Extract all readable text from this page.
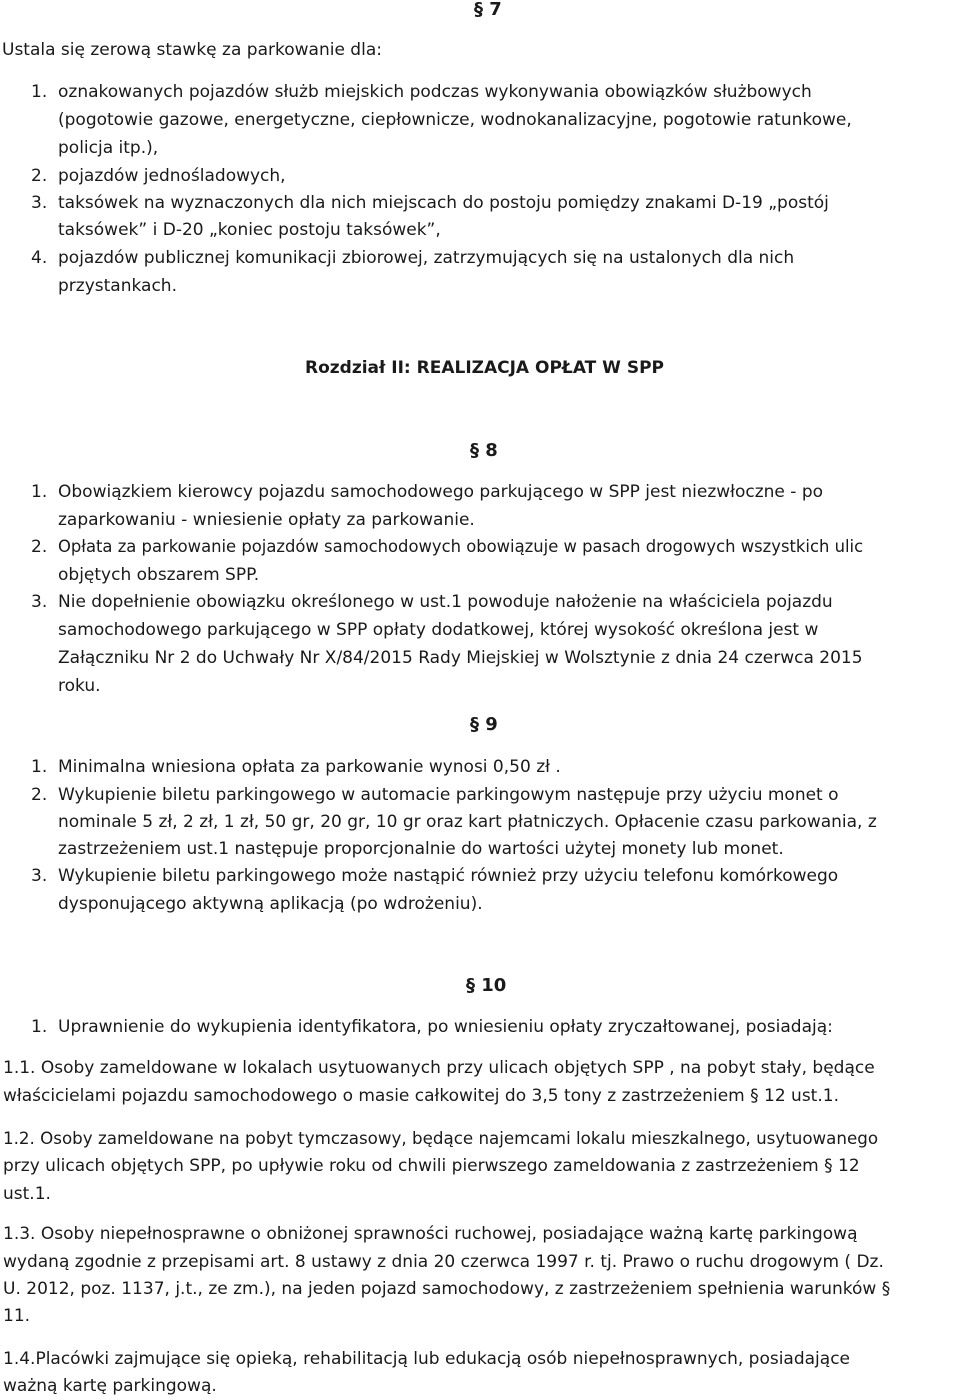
§ 7
Ustala się zerową stawkę za parkowanie dla:
1. oznakowanych pojazdów służb miejskich podczas wykonywania obowiązków służbowych
(pogotowie gazowe, energetyczne, ciepłownicze, wodnokanalizacyjne, pogotowie ratunkowe,
policja itp.),
2. pojazdów jednośladowych,
3. taksówek na wyznaczonych dla nich miejscach do postoju pomiędzy znakami D-19 „postój
taksówek” i D-20 „koniec postoju taksówek”,
4. pojazdów publicznej komunikacji zbiorowej, zatrzymujących się na ustalonych dla nich
przystankach.
Rozdział II: REALIZACJA OPŁAT W SPP
§ 8
1. Obowiązkiem kierowcy pojazdu samochodowego parkującego w SPP jest niezwłoczne - po
zaparkowaniu - wniesienie opłaty za parkowanie.
2. Opłata za parkowanie pojazdów samochodowych obowiązuje w pasach drogowych wszystkich ulic
objętych obszarem SPP.
3. Nie dopełnienie obowiązku określonego w ust.1 powoduje nałożenie na właściciela pojazdu
samochodowego parkującego w SPP opłaty dodatkowej, której wysokość określona jest w
Załączniku Nr 2 do Uchwały Nr X/84/2015 Rady Miejskiej w Wolsztynie z dnia 24 czerwca 2015
roku.
§ 9
1. Minimalna wniesiona opłata za parkowanie wynosi 0,50 zł .
2. Wykupienie biletu parkingowego w automacie parkingowym następuje przy użyciu monet o
nominale 5 zł, 2 zł, 1 zł, 50 gr, 20 gr, 10 gr oraz kart płatniczych. Opłacenie czasu parkowania, z
zastrzeżeniem ust.1 następuje proporcjonalnie do wartości użytej monety lub monet.
3. Wykupienie biletu parkingowego może nastąpić również przy użyciu telefonu komórkowego
dysponującego aktywną aplikacją (po wdrożeniu).
§ 10
1. Uprawnienie do wykupienia identyfikatora, po wniesieniu opłaty zryczałtowanej, posiadają:
1.1. Osoby zameldowane w lokalach usytuowanych przy ulicach objętych SPP , na pobyt stały, będące
właścicielami pojazdu samochodowego o masie całkowitej do 3,5 tony z zastrzeżeniem § 12 ust.1.
1.2. Osoby zameldowane na pobyt tymczasowy, będące najemcami lokalu mieszkalnego, usytuowanego
przy ulicach objętych SPP, po upływie roku od chwili pierwszego zameldowania z zastrzeżeniem § 12
ust.1.
1.3. Osoby niepełnosprawne o obniżonej sprawności ruchowej, posiadające ważną kartę parkingową
wydaną zgodnie z przepisami art. 8 ustawy z dnia 20 czerwca 1997 r. tj. Prawo o ruchu drogowym ( Dz.
U. 2012, poz. 1137, j.t., ze zm.), na jeden pojazd samochodowy, z zastrzeżeniem spełnienia warunków §
11.
1.4.Placówki zajmujące się opieką, rehabilitacją lub edukacją osób niepełnosprawnych, posiadające
ważną kartę parkingową.
